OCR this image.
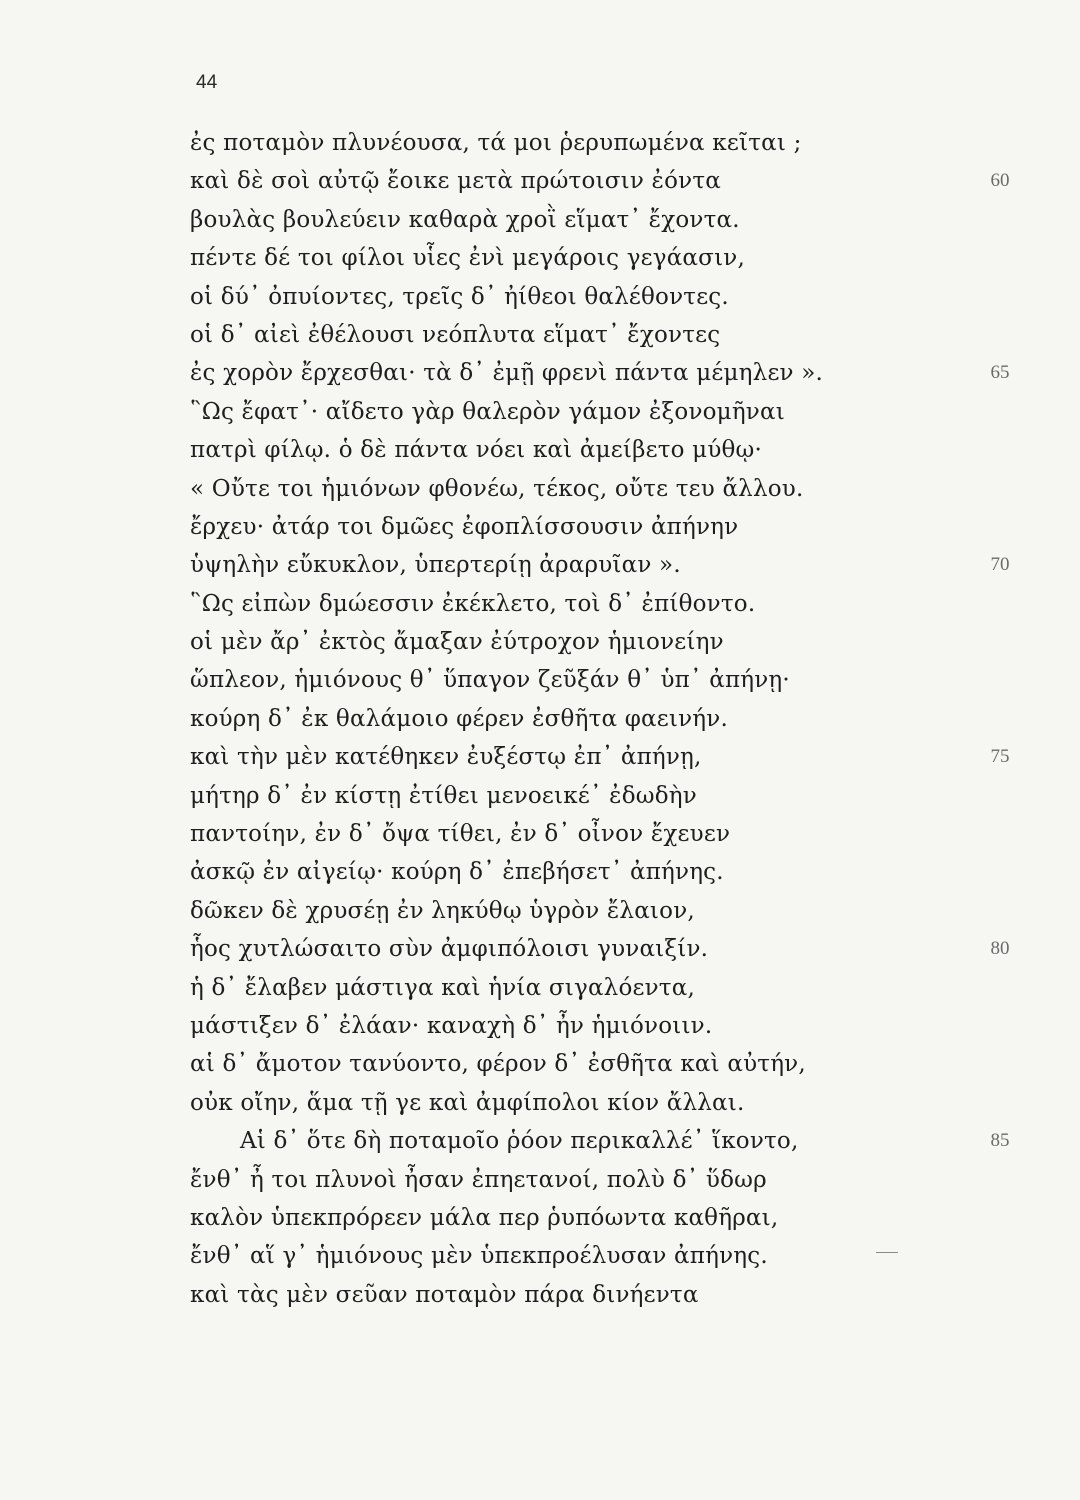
44
ἐς ποταμὸν πλυνέουσα, τά μοι ῥερυπωμένα κεῖται ;
καὶ δὲ σοὶ αὐτῷ ἔοικε μετὰ πρώτοισιν ἐόντα
βουλὰς βουλεύειν καθαρὰ χροῒ εἵματ᾽ ἔχοντα.
πέντε δέ τοι φίλοι υἷες ἐνὶ μεγάροις γεγάασιν,
οἱ δύ᾽ ὀπυίοντες, τρεῖς δ᾽ ἠίθεοι θαλέθοντες.
οἱ δ᾽ αἰεὶ ἐθέλουσι νεόπλυτα εἵματ᾽ ἔχοντες
ἐς χορὸν ἔρχεσθαι· τὰ δ᾽ ἐμῇ φρενὶ πάντα μέμηλεν ».
῝Ως ἔφατ᾽· αἴδετο γὰρ θαλερὸν γάμον ἐξονομῆναι
πατρὶ φίλῳ. ὁ δὲ πάντα νόει καὶ ἀμείβετο μύθῳ·
« Οὔτε τοι ἡμιόνων φθονέω, τέκος, οὔτε τευ ἄλλου.
ἔρχευ· ἀτάρ τοι δμῶες ἐφοπλίσσουσιν ἀπήνην
ὑψηλὴν εὔκυκλον, ὑπερτερίῃ ἀραρυῖαν ».
῝Ως εἰπὼν δμώεσσιν ἐκέκλετο, τοὶ δ᾽ ἐπίθοντο.
οἱ μὲν ἄρ᾽ ἐκτὸς ἄμαξαν ἐύτροχον ἡμιονείην
ὥπλεον, ἡμιόνους θ᾽ ὕπαγον ζεῦξάν θ᾽ ὑπ᾽ ἀπήνῃ·
κούρη δ᾽ ἐκ θαλάμοιο φέρεν ἐσθῆτα φαεινήν.
καὶ τὴν μὲν κατέθηκεν ἐυξέστῳ ἐπ᾽ ἀπήνῃ,
μήτηρ δ᾽ ἐν κίστῃ ἐτίθει μενοεικέ᾽ ἐδωδὴν
παντοίην, ἐν δ᾽ ὄψα τίθει, ἐν δ᾽ οἶνον ἔχευεν
ἀσκῷ ἐν αἰγείῳ· κούρη δ᾽ ἐπεβήσετ᾽ ἀπήνης.
δῶκεν δὲ χρυσέῃ ἐν ληκύθῳ ὑγρὸν ἔλαιον,
ἧος χυτλώσαιτο σὺν ἀμφιπόλοισι γυναιξίν.
ἡ δ᾽ ἔλαβεν μάστιγα καὶ ἡνία σιγαλόεντα,
μάστιξεν δ᾽ ἐλάαν· καναχὴ δ᾽ ἦν ἡμιόνοιιν.
αἱ δ᾽ ἄμοτον τανύοντο, φέρον δ᾽ ἐσθῆτα καὶ αὐτήν,
οὐκ οἴην, ἅμα τῇ γε καὶ ἀμφίπολοι κίον ἄλλαι.
Αἱ δ᾽ ὅτε δὴ ποταμοῖο ῥόον περικαλλέ᾽ ἵκοντο,
ἔνθ᾽ ἦ τοι πλυνοὶ ἦσαν ἐπηετανοί, πολὺ δ᾽ ὕδωρ
καλὸν ὑπεκπρόρεεν μάλα περ ῥυπόωντα καθῆραι,
ἔνθ᾽ αἵ γ᾽ ἡμιόνους μὲν ὑπεκπροέλυσαν ἀπήνης.
καὶ τὰς μὲν σεῦαν ποταμὸν πάρα δινήεντα
60
65
70
75
80
85
